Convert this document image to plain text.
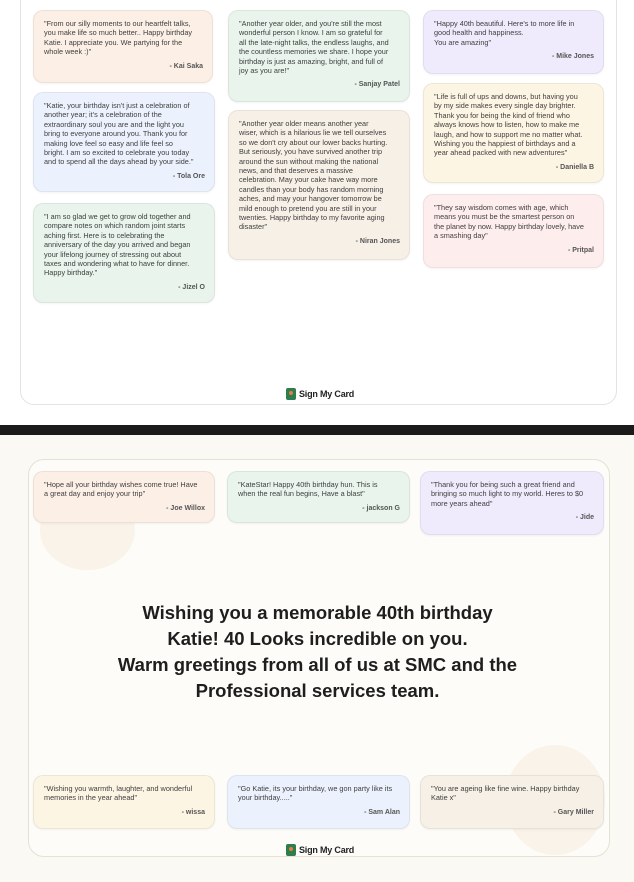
"From our silly moments to our heartfelt talks,
you make life so much better.. Happy birthday
Katie. I appreciate you. We partying for the
whole week :)"
- Kai Saka
"Another year older, and you're still the most
wonderful person I know. I am so grateful for
all the late-night talks, the endless laughs, and
the countless memories we share. I hope your
birthday is just as amazing, bright, and full of
joy as you are!"
- Sanjay Patel
"Happy 40th beautiful. Here's to more life in
good health and happiness.
You are amazing"
- Mike Jones
"Katie, your birthday isn't just a celebration of
another year; it's a celebration of the
extraordinary soul you are and the light you
bring to everyone around you. Thank you for
making love feel so easy and life feel so
bright. I am so excited to celebrate you today
and to spend all the days ahead by your side."
- Tola Ore
"Another year older means another year
wiser, which is a hilarious lie we tell ourselves
so we don't cry about our lower backs hurting.
But seriously, you have survived another trip
around the sun without making the national
news, and that deserves a massive
celebration. May your cake have way more
candles than your body has random morning
aches, and may your hangover tomorrow be
mild enough to pretend you are still in your
twenties. Happy birthday to my favorite aging
disaster"
- Niran Jones
"Life is full of ups and downs, but having you
by my side makes every single day brighter.
Thank you for being the kind of friend who
always knows how to listen, how to make me
laugh, and how to support me no matter what.
Wishing you the happiest of birthdays and a
year ahead packed with new adventures"
- Daniella B
"I am so glad we get to grow old together and
compare notes on which random joint starts
aching first. Here is to celebrating the
anniversary of the day you arrived and began
your lifelong journey of stressing out about
taxes and wondering what to have for dinner.
Happy birthday."
- Jizel O
"They say wisdom comes with age, which
means you must be the smartest person on
the planet by now. Happy birthday lovely, have
a smashing day"
- Pritpal
Sign My Card
"Hope all your birthday wishes come true! Have
a great day and enjoy your trip"
- Joe Willox
"KateStar! Happy 40th birthday hun. This is
when the real fun begins, Have a blast"
- jackson G
"Thank you for being such a great friend and
bringing so much light to my world. Heres to $0
more years ahead"
- Jide
Wishing you a memorable 40th birthday
Katie! 40 Looks incredible on you.
Warm greetings from all of us at SMC and the
Professional services team.
"Wishing you warmth, laughter, and wonderful
memories in the year ahead"
- wissa
"Go Katie, its your birthday, we gon party like its
your birthday....."
- Sam Alan
"You are ageing like fine wine. Happy birthday
Katie x"
- Gary Miller
Sign My Card
